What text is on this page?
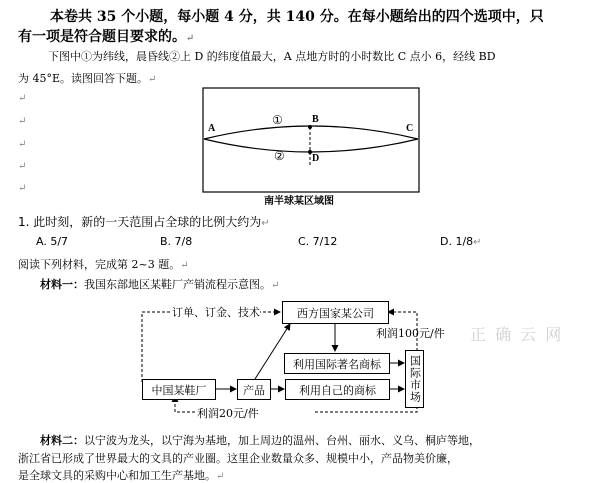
本卷共 35 个小题，每小题 4 分，共 140 分。在每小题给出的四个选项中，只
有一项是符合题目要求的。↵
下图中①为纬线，晨昏线②上 D 的纬度值最大，A 点地方时的小时数比 C 点小 6，经线 BD
为 45°E。读图回答下题。↵
↵
↵
↵
↵
↵
A
B
C
D
①
②
南半球某区域图
1. 此时刻，新的一天范围占全球的比例大约为↵
A. 5/7	B. 7/8	C. 7/12	D. 1/8↵
阅读下列材料，完成第 2~3 题。↵
材料一：我国东部地区某鞋厂产销流程示意图。↵
订单、订金、技术	西方国家某公司
利润100元/件
利用国际著名商标
利用自己的商标
中国某鞋厂	产品	国际市场
利润20元/件
正 确 云 网
材料二：以宁波为龙头，以宁海为基地，加上周边的温州、台州、丽水、义乌、桐庐等地，
浙江省已形成了世界最大的文具的产业圈。这里企业数量众多、规模中小，产品物美价廉，
是全球文具的采购中心和加工生产基地。↵
